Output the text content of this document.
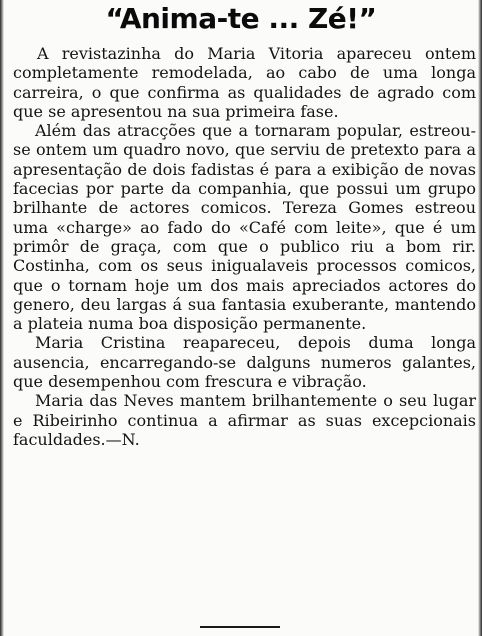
“Anima-te ... Zé!”

A revistazinha do Maria Vitoria apareceu ontem completamente remodelada, ao cabo de uma longa carreira, o que confirma as qualidades de agrado com que se apresentou na sua primeira fase.

Além das atracções que a tornaram popular, estreou-se ontem um quadro novo, que serviu de pretexto para a apresentação de dois fadistas é para a exibição de novas facecias por parte da companhia, que possui um grupo brilhante de actores comicos. Tereza Gomes estreou uma «charge» ao fado do «Café com leite», que é um primôr de graça, com que o publico riu a bom rir. Costinha, com os seus inigualaveis processos comicos, que o tornam hoje um dos mais apreciados actores do genero, deu largas á sua fantasia exuberante, mantendo a plateia numa boa disposição permanente.

Maria Cristina reapareceu, depois duma longa ausencia, encarregando-se dalguns numeros galantes, que desempenhou com frescura e vibração.

Maria das Neves mantem brilhantemente o seu lugar e Ribeirinho continua a afirmar as suas excepcionais faculdades.—N.
